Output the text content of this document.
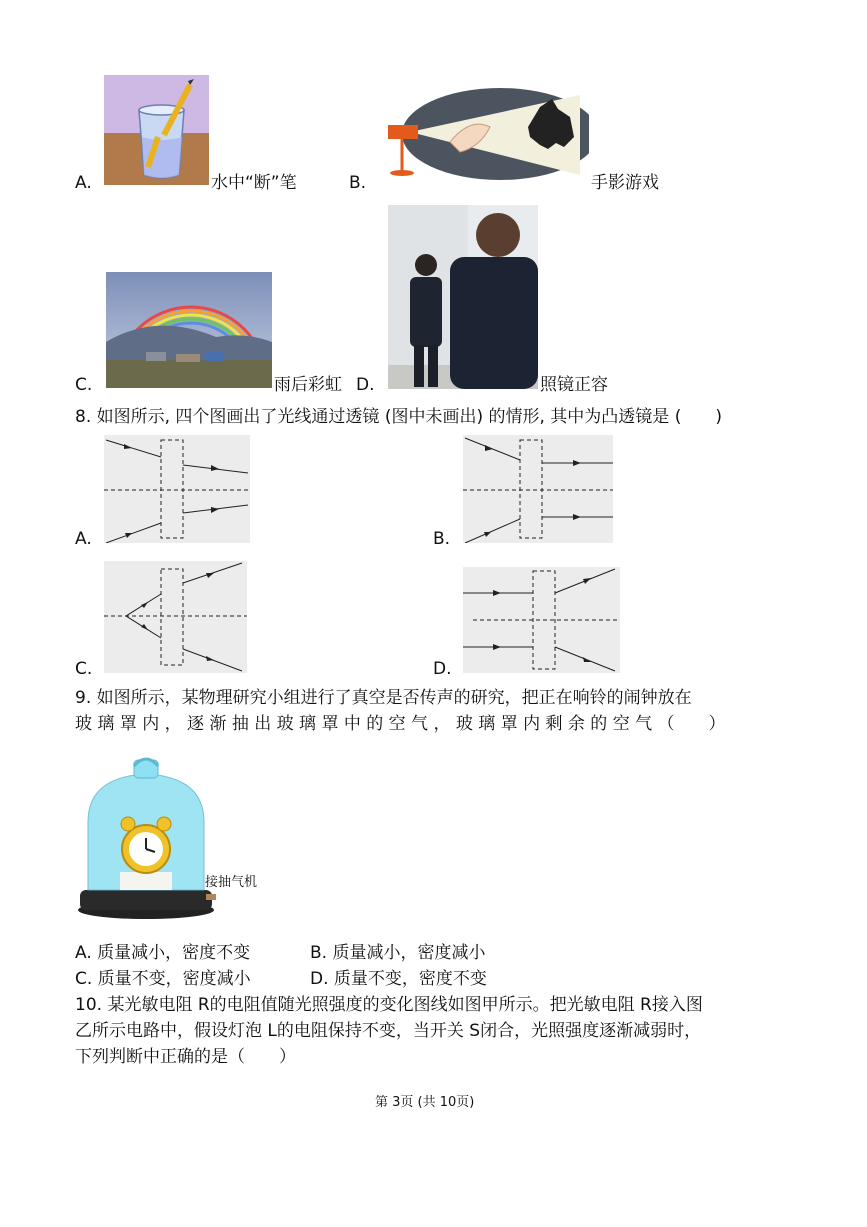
A.	水中“断”笔	B.	手影游戏
C.	雨后彩虹 D.	照镜正容
8. 如图所示, 四个图画出了光线通过透镜 (图中未画出) 的情形, 其中为凸透镜是 (　　)
A.	B.
C.	D.
9. 如图所示，某物理研究小组进行了真空是否传声的研究，把正在响铃的闹钟放在
玻 璃 罩 内 ， 逐 渐 抽 出 玻 璃 罩 中 的 空 气 ， 玻 璃 罩 内 剩 余 的 空 气 （　　）
接抽气机
A. 质量减小，密度不变	B. 质量减小，密度减小
C. 质量不变，密度减小	D. 质量不变，密度不变
10. 某光敏电阻 R的电阻值随光照强度的变化图线如图甲所示。把光敏电阻 R接入图
乙所示电路中，假设灯泡 L的电阻保持不变，当开关 S闭合，光照强度逐渐减弱时，
下列判断中正确的是（　　）
第 3页 (共 10页)
